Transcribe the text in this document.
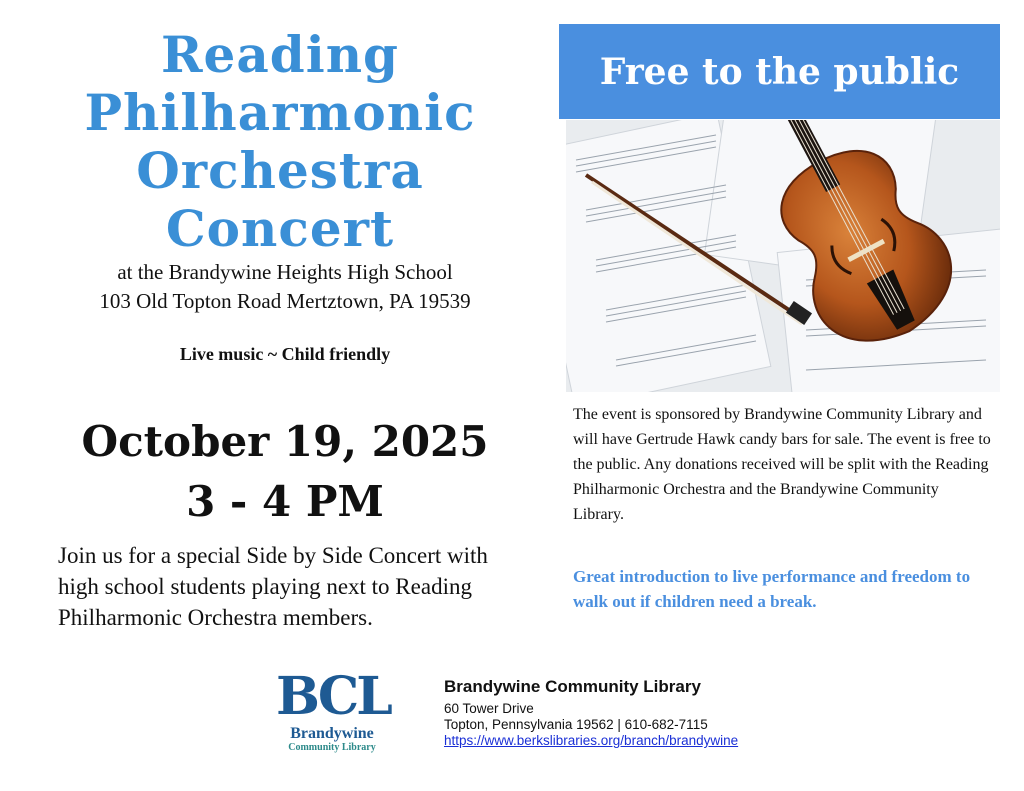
Reading
Philharmonic
Orchestra
Concert
at the Brandywine Heights High School
103 Old Topton Road Mertztown, PA 19539
Live music ~ Child friendly
October 19, 2025
3 - 4 PM
Join us for a special Side by Side Concert with high school students playing next to Reading Philharmonic Orchestra members.
Free to the public
The event is sponsored by Brandywine Community Library and will have Gertrude Hawk candy bars for sale. The event is free to the public. Any donations received will be split with the Reading Philharmonic Orchestra and the Brandywine Community Library.
Great introduction to live performance and freedom to walk out if children need a break.
BCL
Brandywine
Community Library
Brandywine Community Library
60 Tower Drive
Topton, Pennsylvania 19562 | 610-682-7115
https://www.berkslibraries.org/branch/brandywine
